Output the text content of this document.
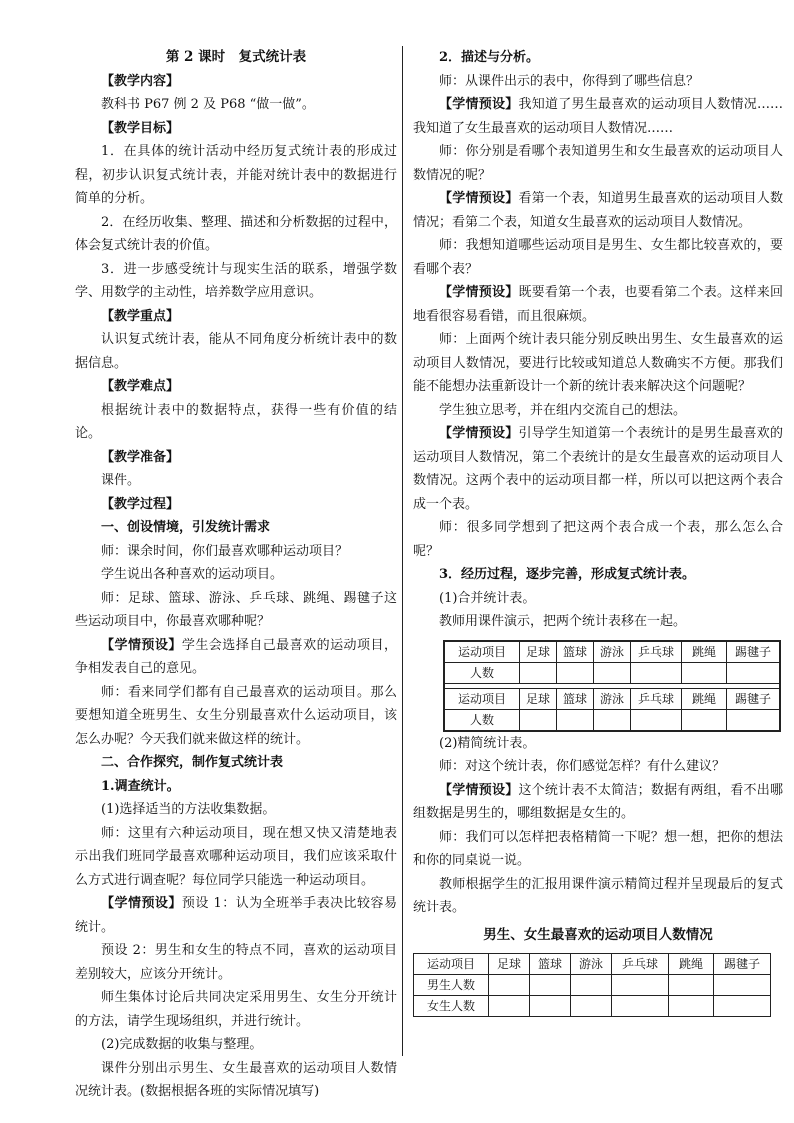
第 2 课时　复式统计表

【教学内容】

教科书 P67 例 2 及 P68 “做一做”。

【教学目标】

1．在具体的统计活动中经历复式统计表的形成过程，初步认识复式统计表，并能对统计表中的数据进行简单的分析。

2．在经历收集、整理、描述和分析数据的过程中，体会复式统计表的价值。

3．进一步感受统计与现实生活的联系，增强学数学、用数学的主动性，培养数学应用意识。

【教学重点】

认识复式统计表，能从不同角度分析统计表中的数据信息。

【教学难点】

根据统计表中的数据特点，获得一些有价值的结论。

【教学准备】

课件。

【教学过程】

一、创设情境，引发统计需求

师：课余时间，你们最喜欢哪种运动项目？

学生说出各种喜欢的运动项目。

师：足球、篮球、游泳、乒乓球、跳绳、踢毽子这些运动项目中，你最喜欢哪种呢？

【学情预设】学生会选择自己最喜欢的运动项目，争相发表自己的意见。

师：看来同学们都有自己最喜欢的运动项目。那么要想知道全班男生、女生分别最喜欢什么运动项目，该怎么办呢？今天我们就来做这样的统计。

二、合作探究，制作复式统计表

1.调查统计。

(1)选择适当的方法收集数据。

师：这里有六种运动项目，现在想又快又清楚地表示出我们班同学最喜欢哪种运动项目，我们应该采取什么方式进行调查呢？每位同学只能选一种运动项目。

【学情预设】预设 1：认为全班举手表决比较容易统计。

预设 2：男生和女生的特点不同，喜欢的运动项目差别较大，应该分开统计。

师生集体讨论后共同决定采用男生、女生分开统计的方法，请学生现场组织，并进行统计。

(2)完成数据的收集与整理。

课件分别出示男生、女生最喜欢的运动项目人数情况统计表。(数据根据各班的实际情况填写)

2．描述与分析。

师：从课件出示的表中，你得到了哪些信息？

【学情预设】我知道了男生最喜欢的运动项目人数情况……我知道了女生最喜欢的运动项目人数情况……

师：你分别是看哪个表知道男生和女生最喜欢的运动项目人数情况的呢？

【学情预设】看第一个表，知道男生最喜欢的运动项目人数情况；看第二个表，知道女生最喜欢的运动项目人数情况。

师：我想知道哪些运动项目是男生、女生都比较喜欢的，要看哪个表？

【学情预设】既要看第一个表，也要看第二个表。这样来回地看很容易看错，而且很麻烦。

师：上面两个统计表只能分别反映出男生、女生最喜欢的运动项目人数情况，要进行比较或知道总人数确实不方便。那我们能不能想办法重新设计一个新的统计表来解决这个问题呢？

学生独立思考，并在组内交流自己的想法。

【学情预设】引导学生知道第一个表统计的是男生最喜欢的运动项目人数情况，第二个表统计的是女生最喜欢的运动项目人数情况。这两个表中的运动项目都一样，所以可以把这两个表合成一个表。

师：很多同学想到了把这两个表合成一个表，那么怎么合呢？

3．经历过程，逐步完善，形成复式统计表。

(1)合并统计表。

教师用课件演示，把两个统计表移在一起。

运动项目	足球	篮球	游泳	乒乓球	跳绳	踢毽子
人数						

运动项目	足球	篮球	游泳	乒乓球	跳绳	踢毽子
人数						

(2)精简统计表。

师：对这个统计表，你们感觉怎样？有什么建议？

【学情预设】这个统计表不太简洁；数据有两组，看不出哪组数据是男生的，哪组数据是女生的。

师：我们可以怎样把表格精简一下呢？想一想，把你的想法和你的同桌说一说。

教师根据学生的汇报用课件演示精简过程并呈现最后的复式统计表。

男生、女生最喜欢的运动项目人数情况

运动项目	足球	篮球	游泳	乒乓球	跳绳	踢毽子
男生人数						
女生人数						
